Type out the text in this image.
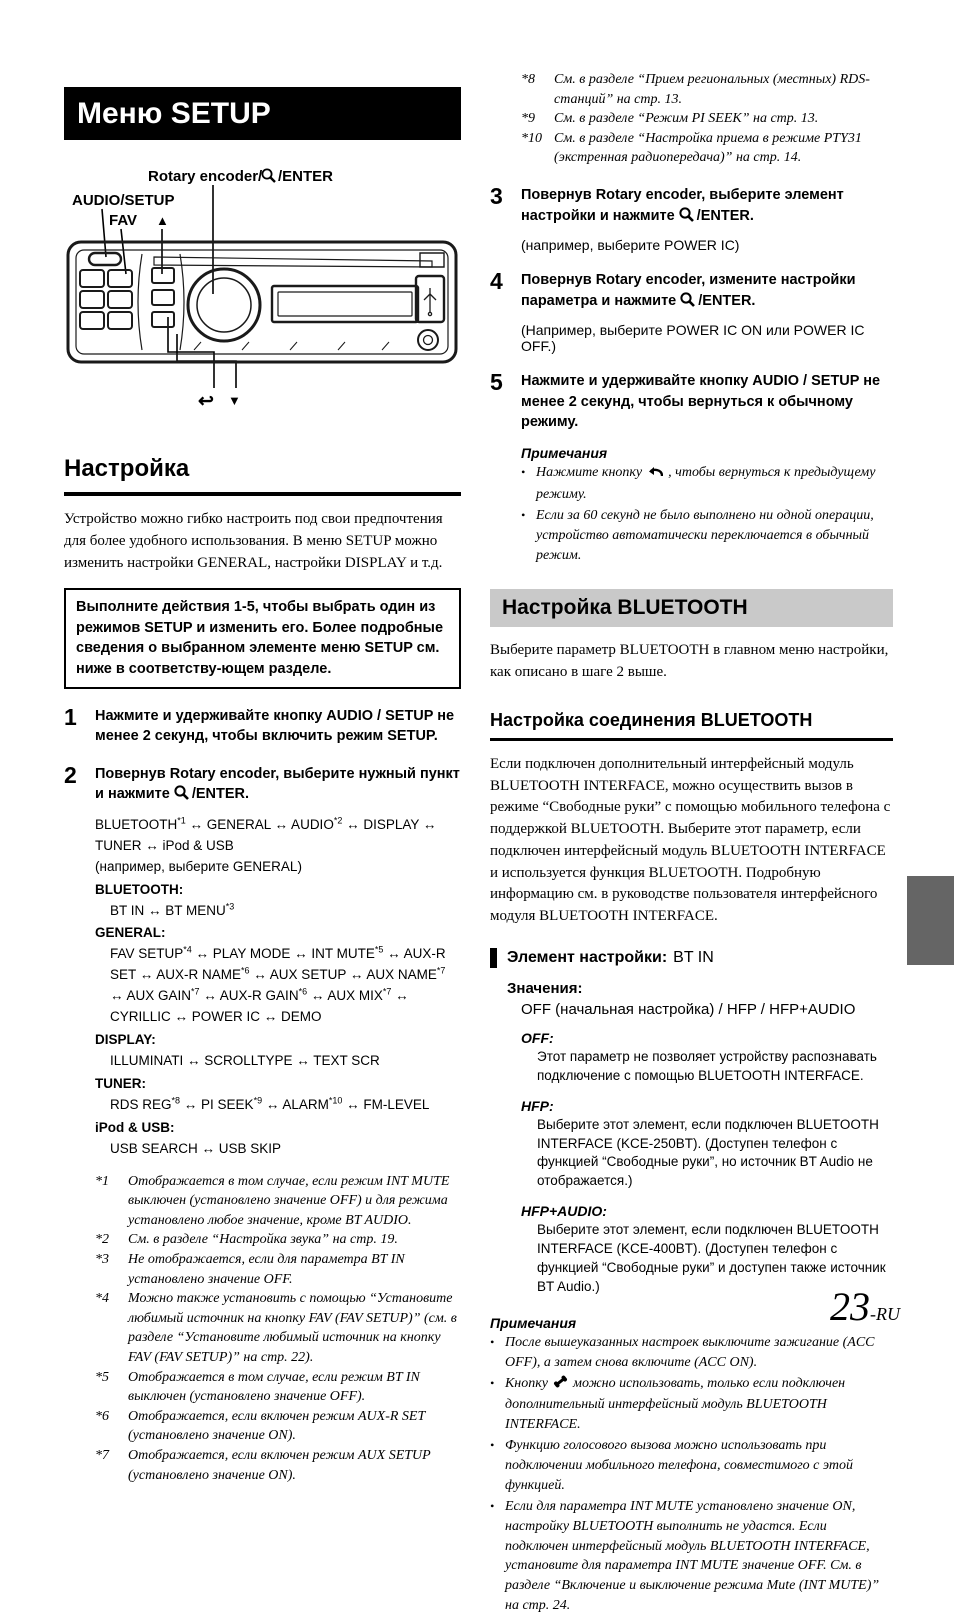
Меню SETUP
Rotary encoder/ /ENTER
AUDIO/SETUP
FAV ▲
↩ ▼
Настройка

Устройство можно гибко настроить под свои предпочтения для более удобного использования. В меню SETUP можно изменить настройки GENERAL, настройки DISPLAY и т.д.

Выполните действия 1-5, чтобы выбрать один из режимов SETUP и изменить его. Более подробные сведения о выбранном элементе меню SETUP см. ниже в соответству-ющем разделе.
1	Нажмите и удерживайте кнопку AUDIO / SETUP не менее 2 секунд, чтобы включить режим SETUP.

2	Повернув Rotary encoder, выберите нужный пункт и нажмите /ENTER.

BLUETOOTH$^{*1}$ ↔ GENERAL ↔ AUDIO$^{*2}$ ↔ DISPLAY ↔ TUNER ↔ iPod & USB
(например, выберите GENERAL)
BLUETOOTH:
BT IN ↔ BT MENU$^{*3}$
GENERAL:
FAV SETUP$^{*4}$ ↔ PLAY MODE ↔ INT MUTE$^{*5}$ ↔ AUX-R SET ↔ AUX-R NAME$^{*6}$ ↔ AUX SETUP ↔ AUX NAME$^{*7}$ ↔ AUX GAIN$^{*7}$ ↔ AUX-R GAIN$^{*6}$ ↔ AUX MIX$^{*7}$ ↔ CYRILLIC ↔ POWER IC ↔ DEMO
DISPLAY:
ILLUMINATI ↔ SCROLLTYPE ↔ TEXT SCR
TUNER:
RDS REG$^{*8}$ ↔ PI SEEK$^{*9}$ ↔ ALARM$^{*10}$ ↔ FM-LEVEL
iPod & USB:
USB SEARCH ↔ USB SKIP
*1	Отображается в том случае, если режим INT MUTE выключен (установлено значение OFF) и для режима установлено любое значение, кроме BT AUDIO.
*2	См. в разделе “Настройка звука” на стр. 19.
*3	Не отображается, если для параметра BT IN установлено значение OFF.
*4	Можно также установить с помощью “Установите любимый источник на кнопку FAV (FAV SETUP)” (см. в разделе “Установите любимый источник на кнопку FAV (FAV SETUP)” на стр. 22).
*5	Отображается в том случае, если режим BT IN выключен (установлено значение OFF).
*6	Отображается, если включен режим AUX-R SET (установлено значение ON).
*7	Отображается, если включен режим AUX SETUP (установлено значение ON).
*8	См. в разделе “Прием региональных (местных) RDS-станций” на стр. 13.
*9	См. в разделе “Режим PI SEEK” на стр. 13.
*10 См. в разделе “Настройка приема в режиме PTY31 (экстренная радиопередача)” на стр. 14.
3	Повернув Rotary encoder, выберите элемент настройки и нажмите /ENTER.

(например, выберите POWER IC)

4	Повернув Rotary encoder, измените настройки параметра и нажмите /ENTER.

(Например, выберите POWER IC ON или POWER IC OFF.)

5	Нажмите и удерживайте кнопку AUDIO / SETUP не менее 2 секунд, чтобы вернуться к обычному режиму.

Примечания

•
Нажмите кнопку , чтобы вернуться к предыдущему режиму.
•
Если за 60 секунд не было выполнено ни одной операции, устройство автоматически переключается в обычный режим.
Настройка BLUETOOTH

Выберите параметр BLUETOOTH в главном меню настройки, как описано в шаге 2 выше.

Настройка соединения BLUETOOTH

Если подключен дополнительный интерфейсный модуль BLUETOOTH INTERFACE, можно осуществить вызов в режиме “Свободные руки” с помощью мобильного телефона с поддержкой BLUETOOTH. Выберите этот параметр, если подключен интерфейсный модуль BLUETOOTH INTERFACE и используется функция BLUETOOTH. Подробную информацию см. в руководстве пользователя интерфейсного модуля BLUETOOTH INTERFACE.

Элемент настройки: BT IN
Значения:
OFF (начальная настройка) / HFP / HFP+AUDIO
OFF:
Этот параметр не позволяет устройству распознавать подключение с помощью BLUETOOTH INTERFACE.
HFP:
Выберите этот элемент, если подключен BLUETOOTH INTERFACE (KCE-250BT). (Доступен телефон с функцией “Свободные руки”, но источник BT Audio не отображается.)
HFP+AUDIO:
Выберите этот элемент, если подключен BLUETOOTH INTERFACE (KCE-400BT). (Доступен телефон с функцией “Свободные руки” и доступен также источник BT Audio.)

Примечания

•
После вышеуказанных настроек выключите зажигание (ACC OFF), а затем снова включите (ACC ON).
•
Кнопку можно использовать, только если подключен дополнительный интерфейсный модуль BLUETOOTH INTERFACE.
•
Функцию голосового вызова можно использовать при подключении мобильного телефона, совместимого с этой функцией.
•
Если для параметра INT MUTE установлено значение ON, настройку BLUETOOTH выполнить не удастся. Если подключен интерфейсный модуль BLUETOOTH INTERFACE, установите для параметра INT MUTE значение OFF. См. в разделе “Включение и выключение режима Mute (INT MUTE)” на стр. 24.
23-RU
